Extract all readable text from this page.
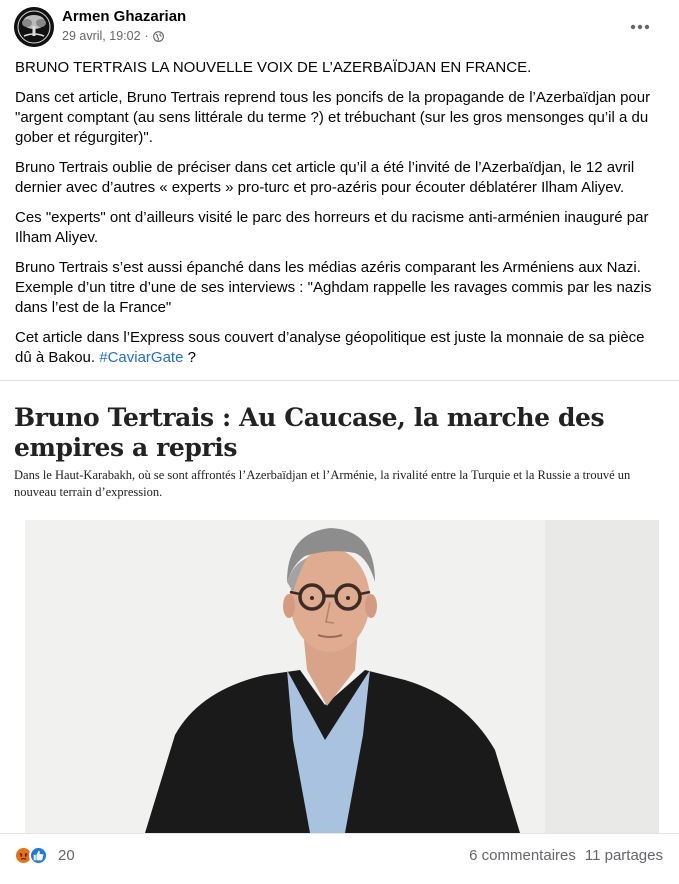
Armen Ghazarian
29 avril, 19:02 ·

BRUNO TERTRAIS LA NOUVELLE VOIX DE L’AZERBAÏDJAN EN FRANCE.

Dans cet article, Bruno Tertrais reprend tous les poncifs de la propagande de l’Azerbaïdjan pour "argent comptant (au sens littérale du terme ?) et trébuchant (sur les gros mensonges qu’il a du gober et régurgiter)".

Bruno Tertrais oublie de préciser dans cet article qu’il a été l’invité de l’Azerbaïdjan, le 12 avril dernier avec d’autres « experts » pro-turc et pro-azéris pour écouter déblatérer Ilham Aliyev.

Ces "experts" ont d’ailleurs visité le parc des horreurs et du racisme anti-arménien inauguré par Ilham Aliyev.

Bruno Tertrais s’est aussi épanché dans les médias azéris comparant les Arméniens aux Nazi. Exemple d’un titre d’une de ses interviews : "Aghdam rappelle les ravages commis par les nazis dans l’est de la France"

Cet article dans l’Express sous couvert d’analyse géopolitique est juste la monnaie de sa pièce dû à Bakou. #CaviarGate ?

Bruno Tertrais : Au Caucase, la marche des empires a repris
Dans le Haut-Karabakh, où se sont affrontés l’Azerbaïdjan et l’Arménie, la rivalité entre la Turquie et la Russie a trouvé un nouveau terrain d’expression.
20	6 commentaires 11 partages
